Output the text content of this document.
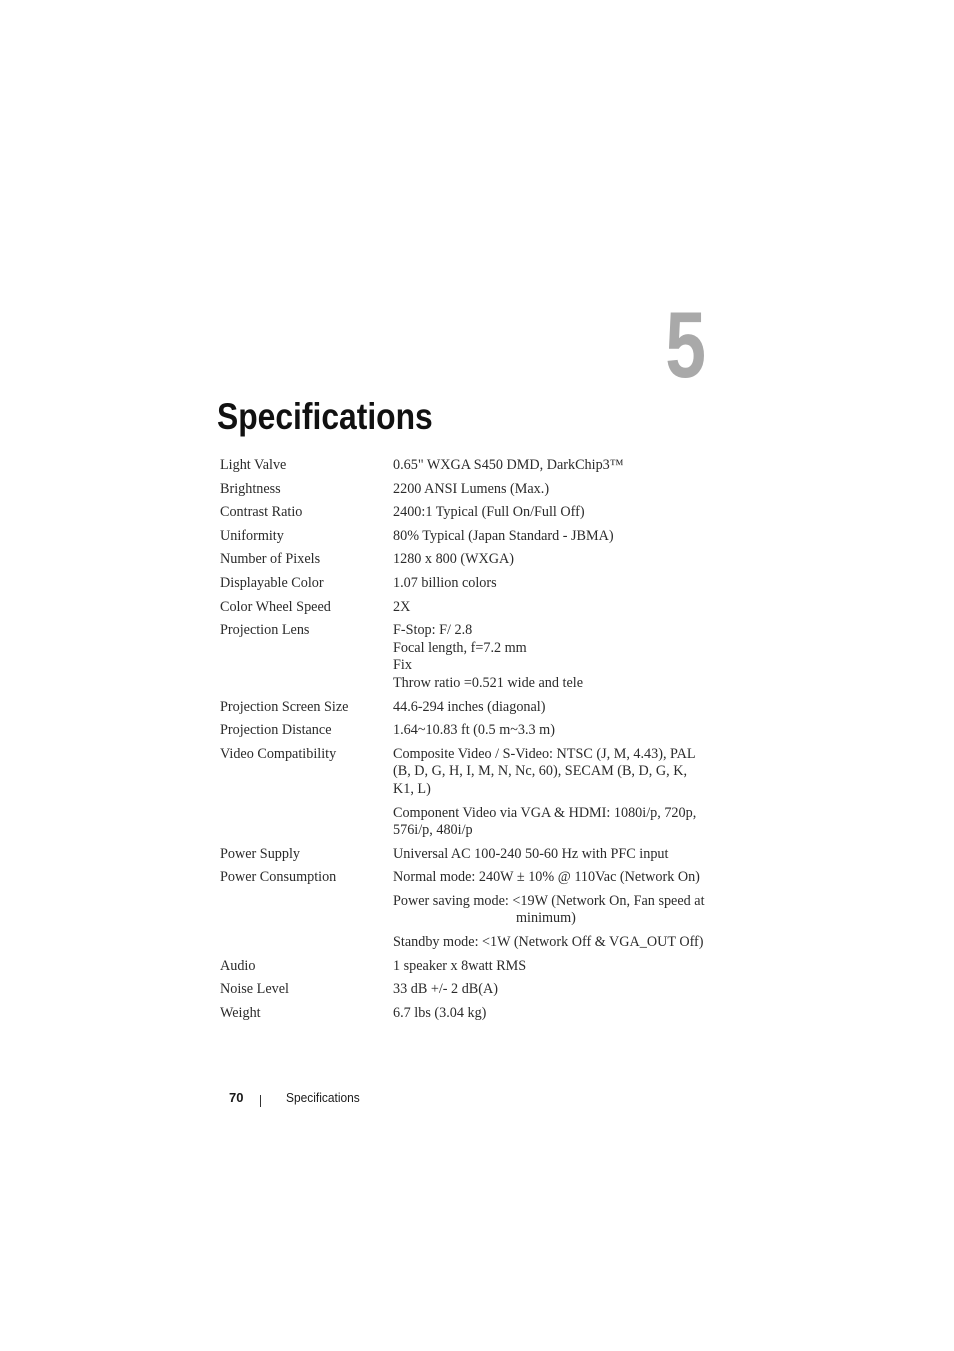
5
Specifications
Light Valve	0.65" WXGA S450 DMD, DarkChip3™
Brightness	2200 ANSI Lumens (Max.)
Contrast Ratio	2400:1 Typical (Full On/Full Off)
Uniformity	80% Typical (Japan Standard - JBMA)
Number of Pixels	1280 x 800 (WXGA)
Displayable Color	1.07 billion colors
Color Wheel Speed	2X
Projection Lens	F-Stop: F/ 2.8
Focal length, f=7.2 mm
Fix
Throw ratio =0.521 wide and tele
Projection Screen Size	44.6-294 inches (diagonal)
Projection Distance	1.64~10.83 ft (0.5 m~3.3 m)
Video Compatibility	Composite Video / S-Video: NTSC (J, M, 4.43), PAL (B, D, G, H, I, M, N, Nc, 60), SECAM (B, D, G, K, K1, L)
Component Video via VGA & HDMI: 1080i/p, 720p, 576i/p, 480i/p
Power Supply	Universal AC 100-240 50-60 Hz with PFC input
Power Consumption	Normal mode: 240W ± 10% @ 110Vac (Network On)
Power saving mode: <19W (Network On, Fan speed at minimum)
Standby mode: <1W (Network Off & VGA_OUT Off)
Audio	1 speaker x 8watt RMS
Noise Level	33 dB +/- 2 dB(A)
Weight	6.7 lbs (3.04 kg)
70	Specifications
